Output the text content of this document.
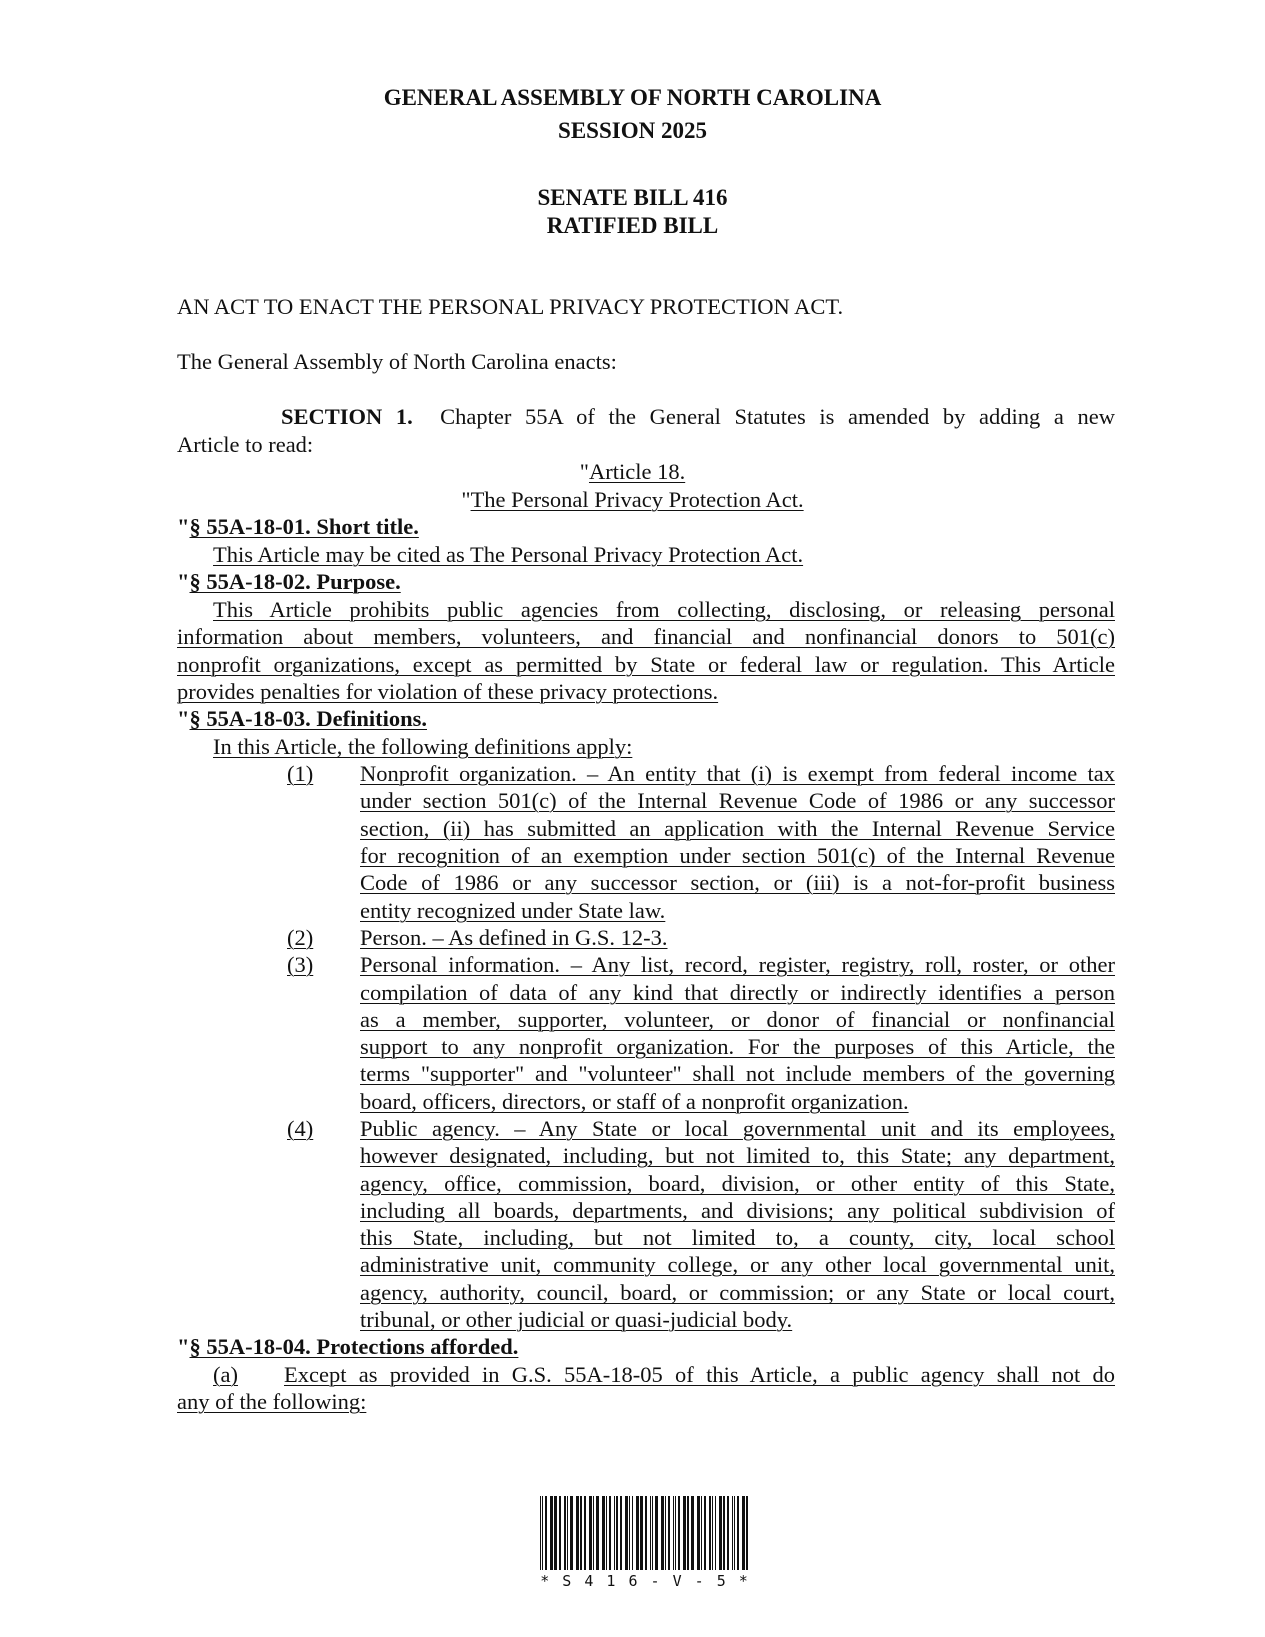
GENERAL ASSEMBLY OF NORTH CAROLINA
SESSION 2025
SENATE BILL 416
RATIFIED BILL
AN ACT TO ENACT THE PERSONAL PRIVACY PROTECTION ACT.
The General Assembly of North Carolina enacts:
SECTION 1. Chapter 55A of the General Statutes is amended by adding a new
Article to read:
"Article 18.
"The Personal Privacy Protection Act.
"§ 55A-18-01. Short title.
This Article may be cited as The Personal Privacy Protection Act.
"§ 55A-18-02. Purpose.
This Article prohibits public agencies from collecting, disclosing, or releasing personal
information about members, volunteers, and financial and nonfinancial donors to 501(c)
nonprofit organizations, except as permitted by State or federal law or regulation. This Article
provides penalties for violation of these privacy protections.
"§ 55A-18-03. Definitions.
In this Article, the following definitions apply:
(1) Nonprofit organization. – An entity that (i) is exempt from federal income tax
under section 501(c) of the Internal Revenue Code of 1986 or any successor
section, (ii) has submitted an application with the Internal Revenue Service
for recognition of an exemption under section 501(c) of the Internal Revenue
Code of 1986 or any successor section, or (iii) is a not-for-profit business
entity recognized under State law.
(2) Person. – As defined in G.S. 12-3.
(3) Personal information. – Any list, record, register, registry, roll, roster, or other
compilation of data of any kind that directly or indirectly identifies a person
as a member, supporter, volunteer, or donor of financial or nonfinancial
support to any nonprofit organization. For the purposes of this Article, the
terms "supporter" and "volunteer" shall not include members of the governing
board, officers, directors, or staff of a nonprofit organization.
(4) Public agency. – Any State or local governmental unit and its employees,
however designated, including, but not limited to, this State; any department,
agency, office, commission, board, division, or other entity of this State,
including all boards, departments, and divisions; any political subdivision of
this State, including, but not limited to, a county, city, local school
administrative unit, community college, or any other local governmental unit,
agency, authority, council, board, or commission; or any State or local court,
tribunal, or other judicial or quasi-judicial body.
"§ 55A-18-04. Protections afforded.
(a) Except as provided in G.S. 55A-18-05 of this Article, a public agency shall not do
any of the following:
* S 4 1 6 - V - 5 *
